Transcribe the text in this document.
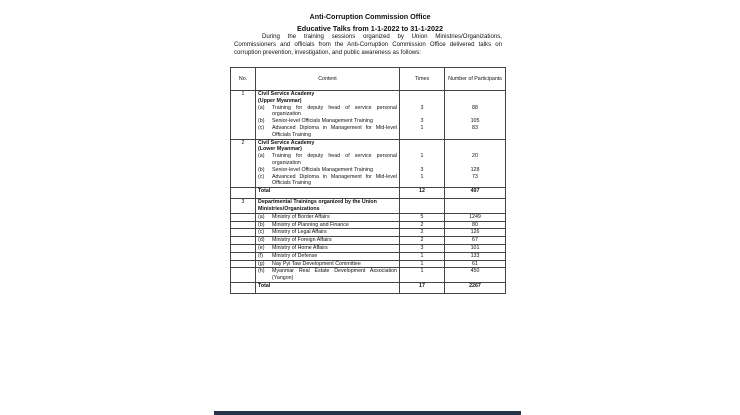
Anti-Corruption Commission Office
Educative Talks from 1-1-2022 to 31-1-2022
During the training sessions organized by Union Ministries/Organizations, Commissioners and officials from the Anti-Corruption Commission Office delivered talks on corruption prevention, investigation, and public awareness as follows:
No.	Content	Times	Number of Participants
1	Civil Service Academy
(Upper Myanmar)		

	(a) Training for deputy head of service personal organization	3	88

	(b) Senior-level Officials Management Training	3	105

	(c) Advanced Diploma in Management for Mid-level Officials Training	1	83
2	Civil Service Academy
(Lower Myanmar)		

	(a) Training for deputy head of service personal organization	1	20

	(b) Senior-level Officials Management Training	3	128

	(c) Advanced Diploma in Management for Mid-level Officials Training	1	73
	Total	12	497
3	Departmental Trainings organized by the Union Ministries/Organizations		

	(a) Ministry of Border Affairs	5	1249

	(b) Ministry of Planning and Finance	2	80

	(c) Ministry of Legal Affairs	2	126

	(d) Ministry of Foreign Affairs	2	67

	(e) Ministry of Home Affairs	3	101

	(f) Ministry of Defense	1	133

	(g) Nay Pyi Taw Development Committee	1	61

	(h) Myanmar Real Estate Development Association (Yangon)	1	450
	Total	17	2267
